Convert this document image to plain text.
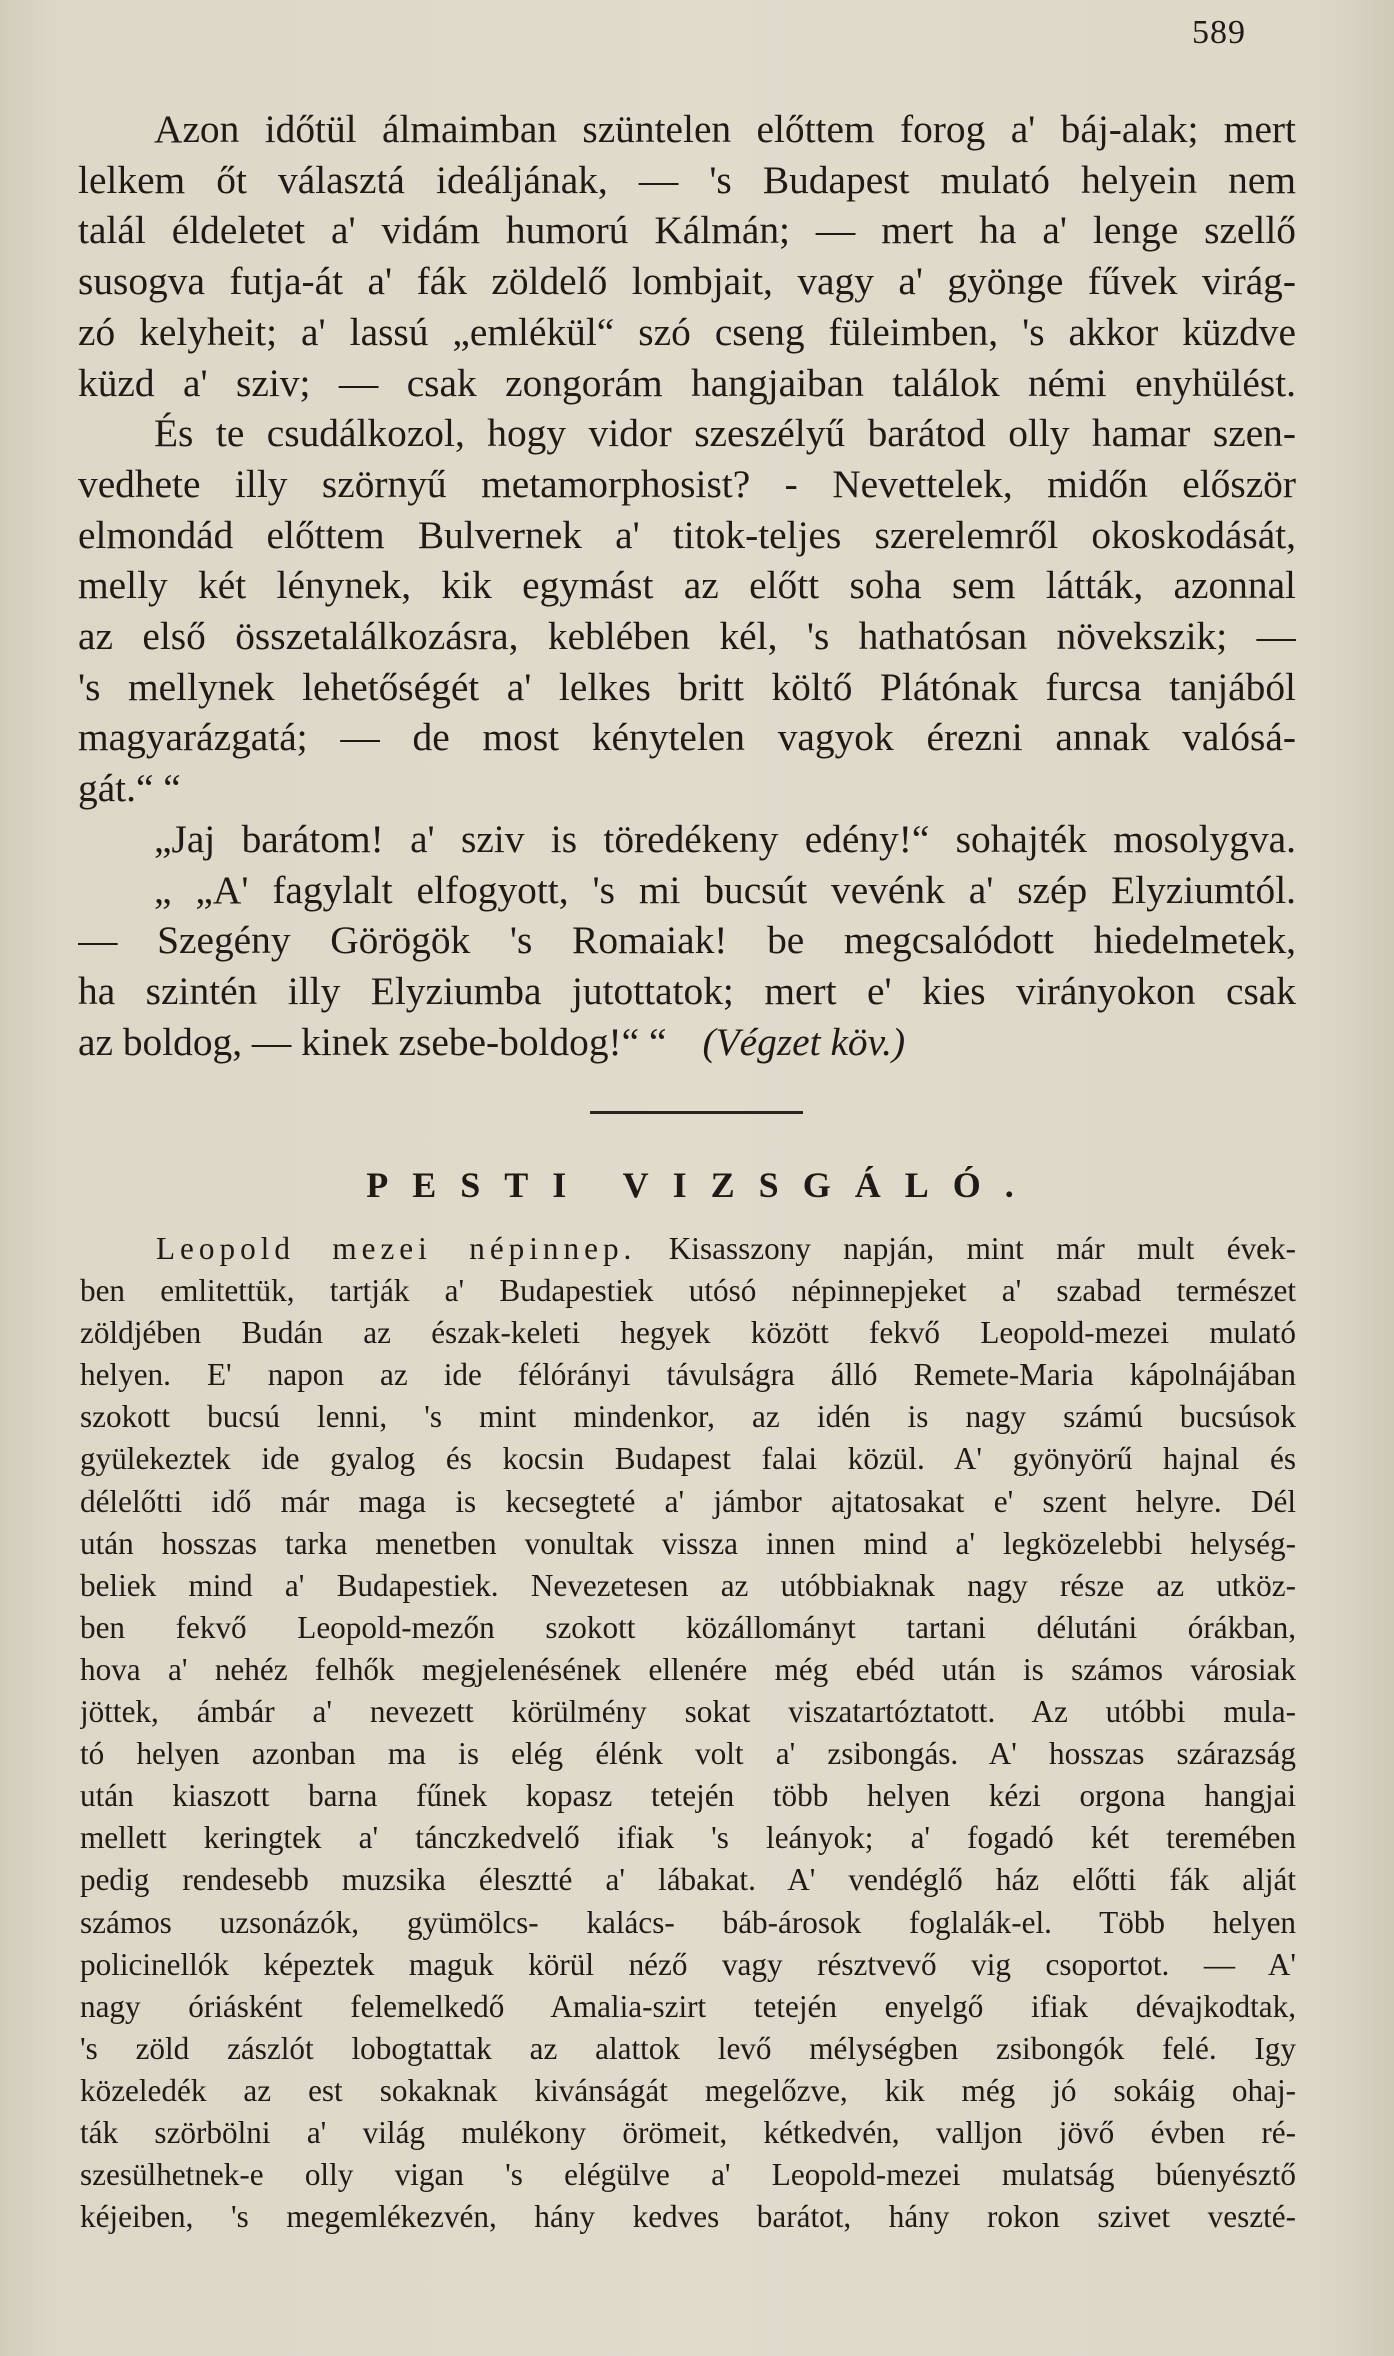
589
Azon időtül álmaimban szüntelen előttem forog a' báj-alak; mert
lelkem őt választá ideáljának, — 's Budapest mulató helyein nem
talál éldeletet a' vidám humorú Kálmán; — mert ha a' lenge szellő
susogva futja-át a' fák zöldelő lombjait, vagy a' gyönge fűvek virág-
zó kelyheit; a' lassú „emlékül“ szó cseng füleimben, 's akkor küzdve
küzd a' sziv; — csak zongorám hangjaiban találok némi enyhülést.
És te csudálkozol, hogy vidor szeszélyű barátod olly hamar szen-
vedhete illy szörnyű metamorphosist? - Nevettelek, midőn először
elmondád előttem Bulvernek a' titok-teljes szerelemről okoskodását,
melly két lénynek, kik egymást az előtt soha sem látták, azonnal
az első összetalálkozásra, keblében kél, 's hathatósan növekszik; —
's mellynek lehetőségét a' lelkes britt költő Plátónak furcsa tanjából
magyarázgatá; — de most kénytelen vagyok érezni annak valósá-
gát.“ “
„Jaj barátom! a' sziv is töredékeny edény!“ sohajték mosolygva.
„ „A' fagylalt elfogyott, 's mi bucsút vevénk a' szép Elyziumtól.
— Szegény Görögök 's Romaiak! be megcsalódott hiedelmetek,
ha szintén illy Elyziumba jutottatok; mert e' kies virányokon csak
az boldog, — kinek zsebe-boldog!“ “ (Végzet köv.)
PESTI VIZSGÁLÓ.
Leopold mezei népinnep. Kisasszony napján, mint már mult évek-
ben emlitettük, tartják a' Budapestiek utósó népinnepjeket a' szabad természet
zöldjében Budán az észak-keleti hegyek között fekvő Leopold-mezei mulató
helyen. E' napon az ide félórányi távulságra álló Remete-Maria kápolnájában
szokott bucsú lenni, 's mint mindenkor, az idén is nagy számú bucsúsok
gyülekeztek ide gyalog és kocsin Budapest falai közül. A' gyönyörű hajnal és
délelőtti idő már maga is kecsegteté a' jámbor ajtatosakat e' szent helyre. Dél
után hosszas tarka menetben vonultak vissza innen mind a' legközelebbi helység-
beliek mind a' Budapestiek. Nevezetesen az utóbbiaknak nagy része az utköz-
ben fekvő Leopold-mezőn szokott közállományt tartani délutáni órákban,
hova a' nehéz felhők megjelenésének ellenére még ebéd után is számos városiak
jöttek, ámbár a' nevezett körülmény sokat viszatartóztatott. Az utóbbi mula-
tó helyen azonban ma is elég élénk volt a' zsibongás. A' hosszas szárazság
után kiaszott barna fűnek kopasz tetején több helyen kézi orgona hangjai
mellett keringtek a' tánczkedvelő ifiak 's leányok; a' fogadó két teremében
pedig rendesebb muzsika élesztté a' lábakat. A' vendéglő ház előtti fák alját
számos uzsonázók, gyümölcs- kalács- báb-árosok foglalák-el. Több helyen
policinellók képeztek maguk körül néző vagy résztvevő vig csoportot. — A'
nagy óriásként felemelkedő Amalia-szirt tetején enyelgő ifiak dévajkodtak,
's zöld zászlót lobogtattak az alattok levő mélységben zsibongók felé. Igy
közeledék az est sokaknak kivánságát megelőzve, kik még jó sokáig ohaj-
ták szörbölni a' világ mulékony örömeit, kétkedvén, valljon jövő évben ré-
szesülhetnek-e olly vigan 's elégülve a' Leopold-mezei mulatság búenyésztő
kéjeiben, 's megemlékezvén, hány kedves barátot, hány rokon szivet veszté-
